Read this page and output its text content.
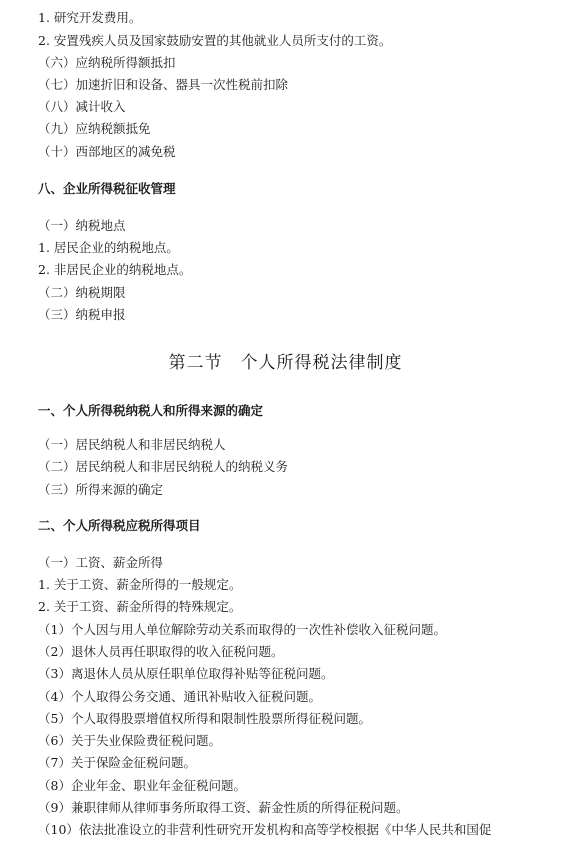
1. 研究开发费用。
2. 安置残疾人员及国家鼓励安置的其他就业人员所支付的工资。
（六）应纳税所得额抵扣
（七）加速折旧和设备、器具一次性税前扣除
（八）减计收入
（九）应纳税额抵免
（十）西部地区的减免税
八、企业所得税征收管理
（一）纳税地点
1. 居民企业的纳税地点。
2. 非居民企业的纳税地点。
（二）纳税期限
（三）纳税申报
第二节　个人所得税法律制度
一、个人所得税纳税人和所得来源的确定
（一）居民纳税人和非居民纳税人
（二）居民纳税人和非居民纳税人的纳税义务
（三）所得来源的确定
二、个人所得税应税所得项目
（一）工资、薪金所得
1. 关于工资、薪金所得的一般规定。
2. 关于工资、薪金所得的特殊规定。
（1）个人因与用人单位解除劳动关系而取得的一次性补偿收入征税问题。
（2）退休人员再任职取得的收入征税问题。
（3）离退休人员从原任职单位取得补贴等征税问题。
（4）个人取得公务交通、通讯补贴收入征税问题。
（5）个人取得股票增值权所得和限制性股票所得征税问题。
（6）关于失业保险费征税问题。
（7）关于保险金征税问题。
（8）企业年金、职业年金征税问题。
（9）兼职律师从律师事务所取得工资、薪金性质的所得征税问题。
（10）依法批准设立的非营利性研究开发机构和高等学校根据《中华人民共和国促
